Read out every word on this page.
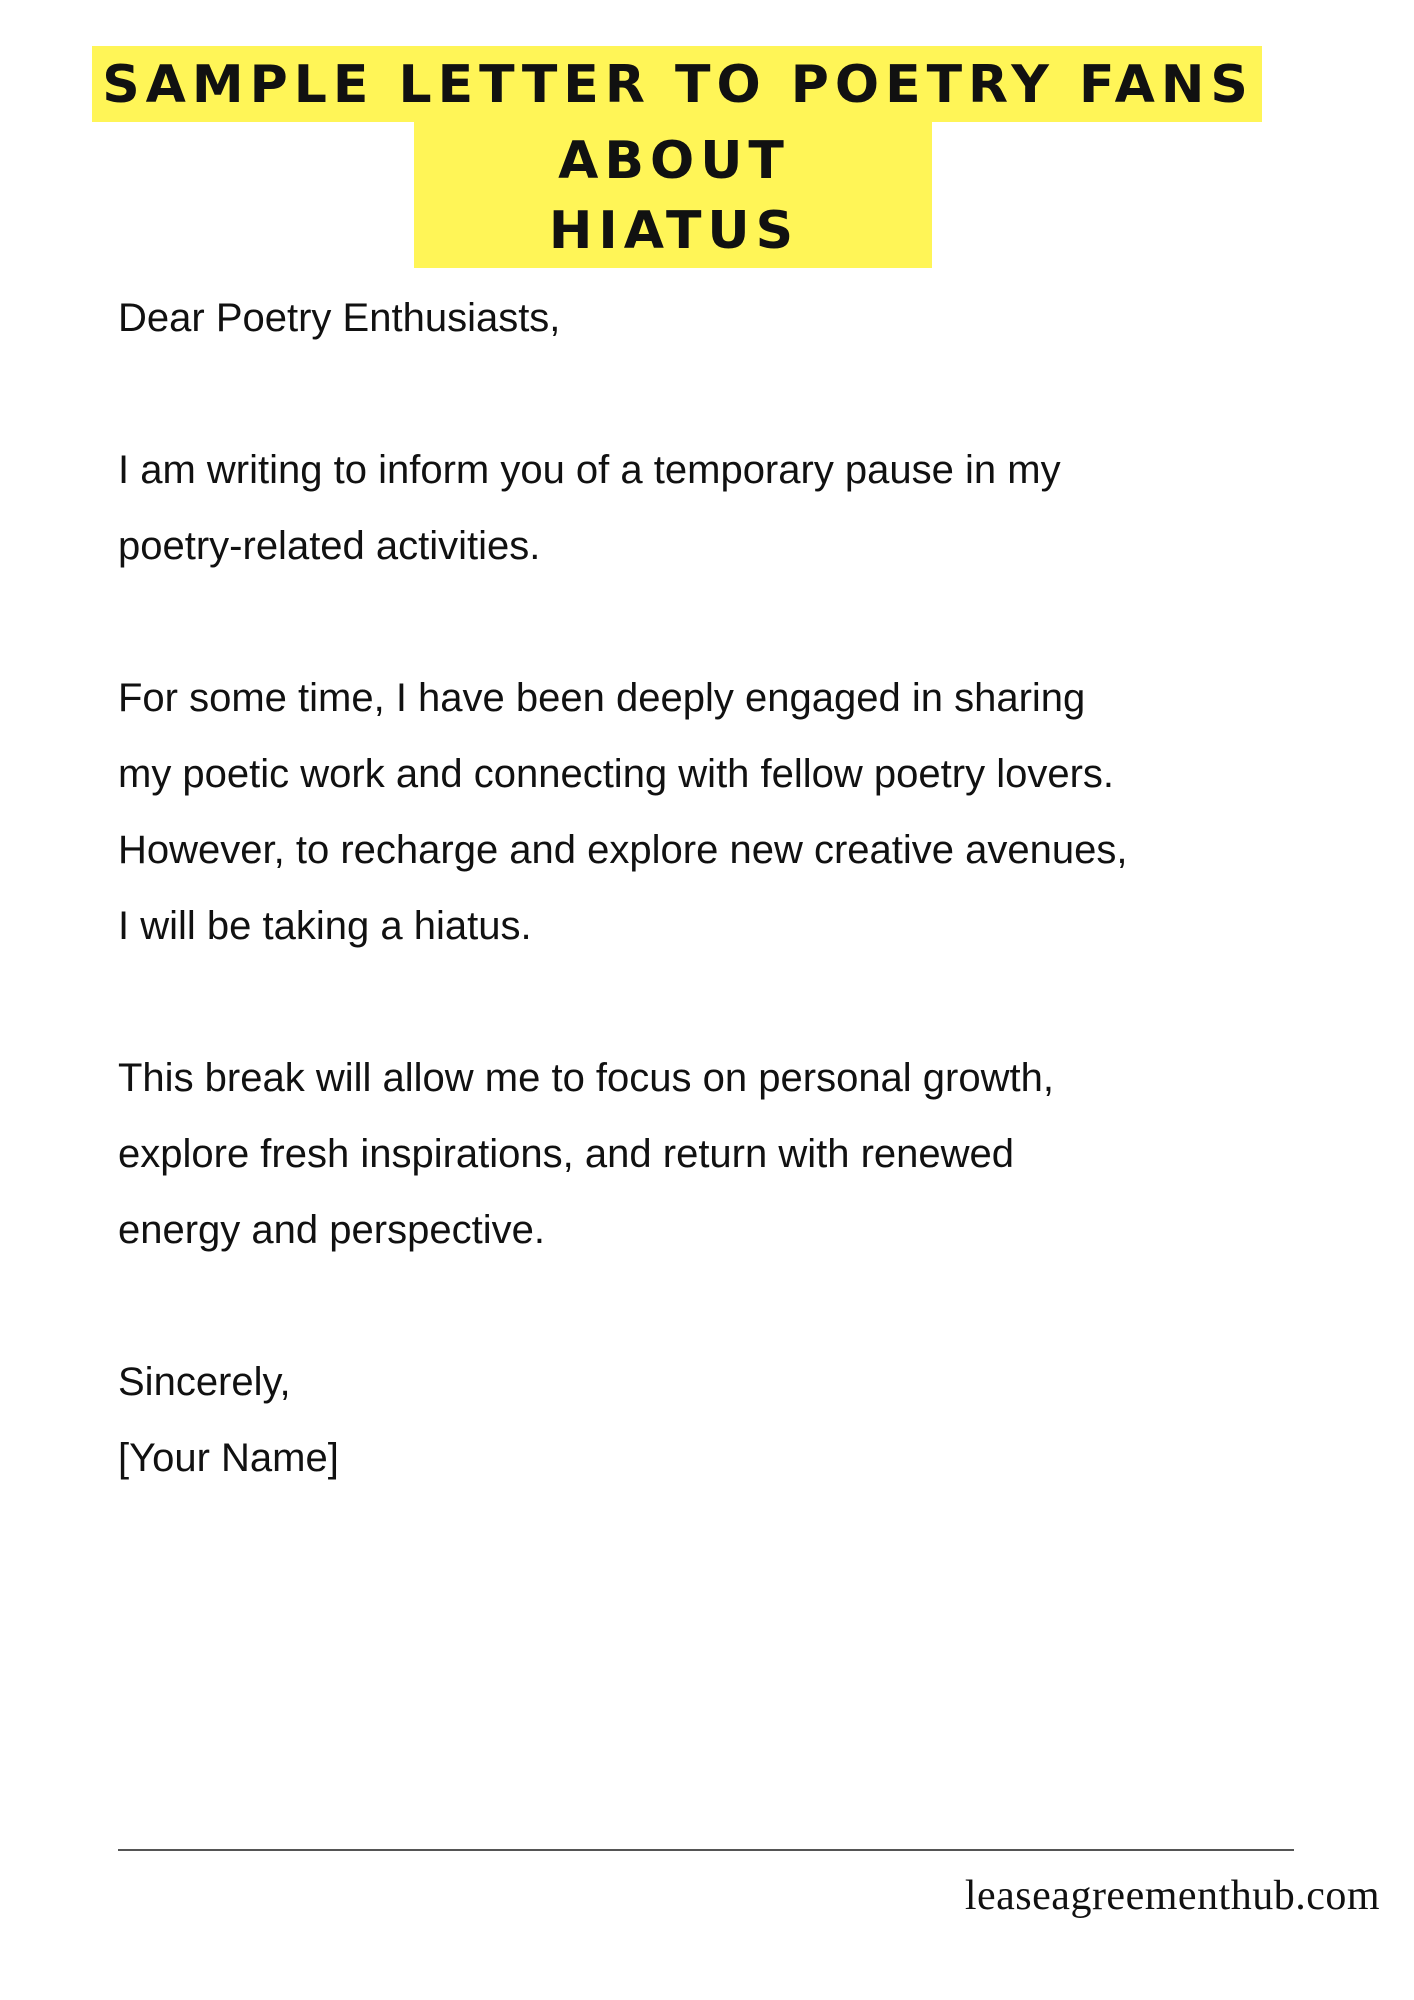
SAMPLE LETTER TO POETRY FANS
ABOUT HIATUS

Dear Poetry Enthusiasts,

I am writing to inform you of a temporary pause in my
poetry-related activities.

For some time, I have been deeply engaged in sharing
my poetic work and connecting with fellow poetry lovers.
However, to recharge and explore new creative avenues,
I will be taking a hiatus.

This break will allow me to focus on personal growth,
explore fresh inspirations, and return with renewed
energy and perspective.

Sincerely,
[Your Name]

leaseagreementhub.com
